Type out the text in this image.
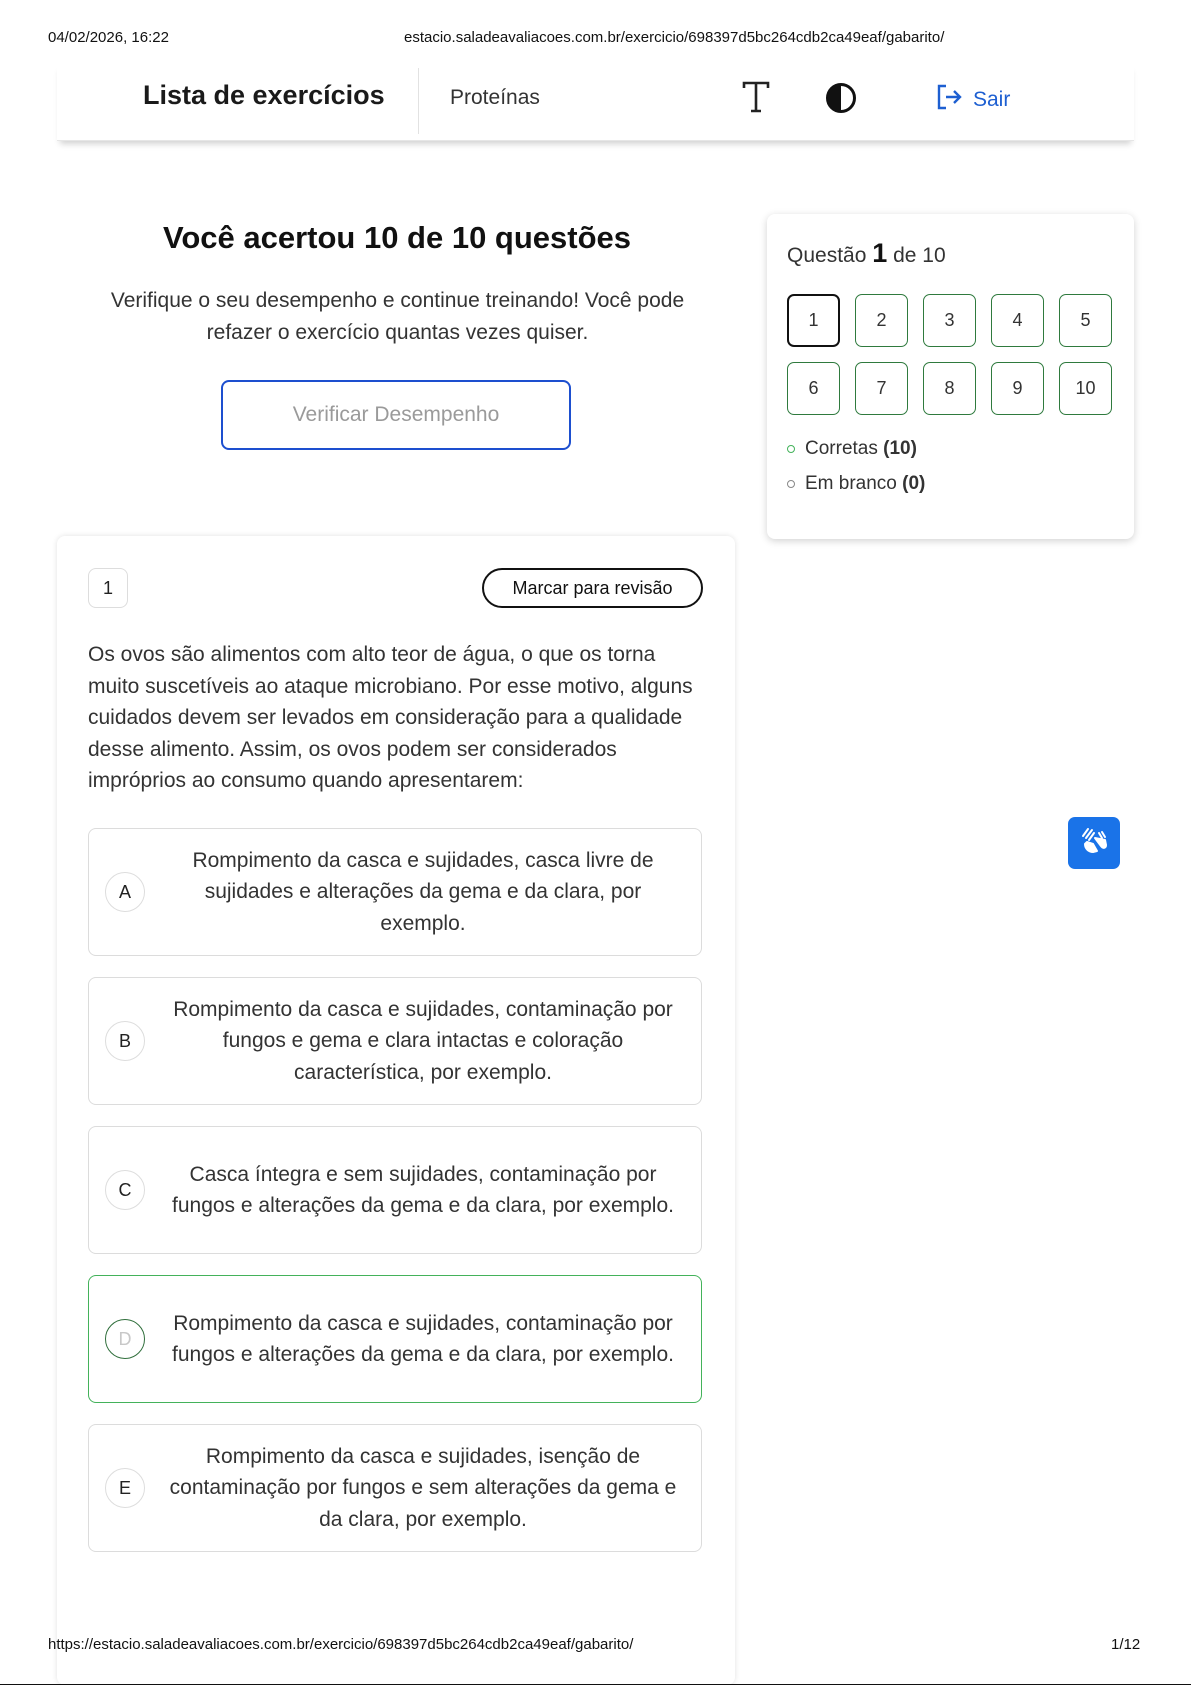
04/02/2026, 16:22	estacio.saladeavaliacoes.com.br/exercicio/698397d5bc264cdb2ca49eaf/gabarito/
Lista de exercícios	Proteínas	Sair
Você acertou 10 de 10 questões
Verifique o seu desempenho e continue treinando! Você pode refazer o exercício quantas vezes quiser.
Verificar Desempenho
Questão 1 de 10
1	2	3	4	5
6	7	8	9	10
Corretas (10)
Em branco (0)
1	Marcar para revisão
Os ovos são alimentos com alto teor de água, o que os torna muito suscetíveis ao ataque microbiano. Por esse motivo, alguns cuidados devem ser levados em consideração para a qualidade desse alimento. Assim, os ovos podem ser considerados impróprios ao consumo quando apresentarem:
A
Rompimento da casca e sujidades, casca livre de sujidades e alterações da gema e da clara, por exemplo.
B
Rompimento da casca e sujidades, contaminação por fungos e gema e clara intactas e coloração característica, por exemplo.
C
Casca íntegra e sem sujidades, contaminação por fungos e alterações da gema e da clara, por exemplo.
D
Rompimento da casca e sujidades, contaminação por fungos e alterações da gema e da clara, por exemplo.
E
Rompimento da casca e sujidades, isenção de contaminação por fungos e sem alterações da gema e da clara, por exemplo.
https://estacio.saladeavaliacoes.com.br/exercicio/698397d5bc264cdb2ca49eaf/gabarito/	1/12
